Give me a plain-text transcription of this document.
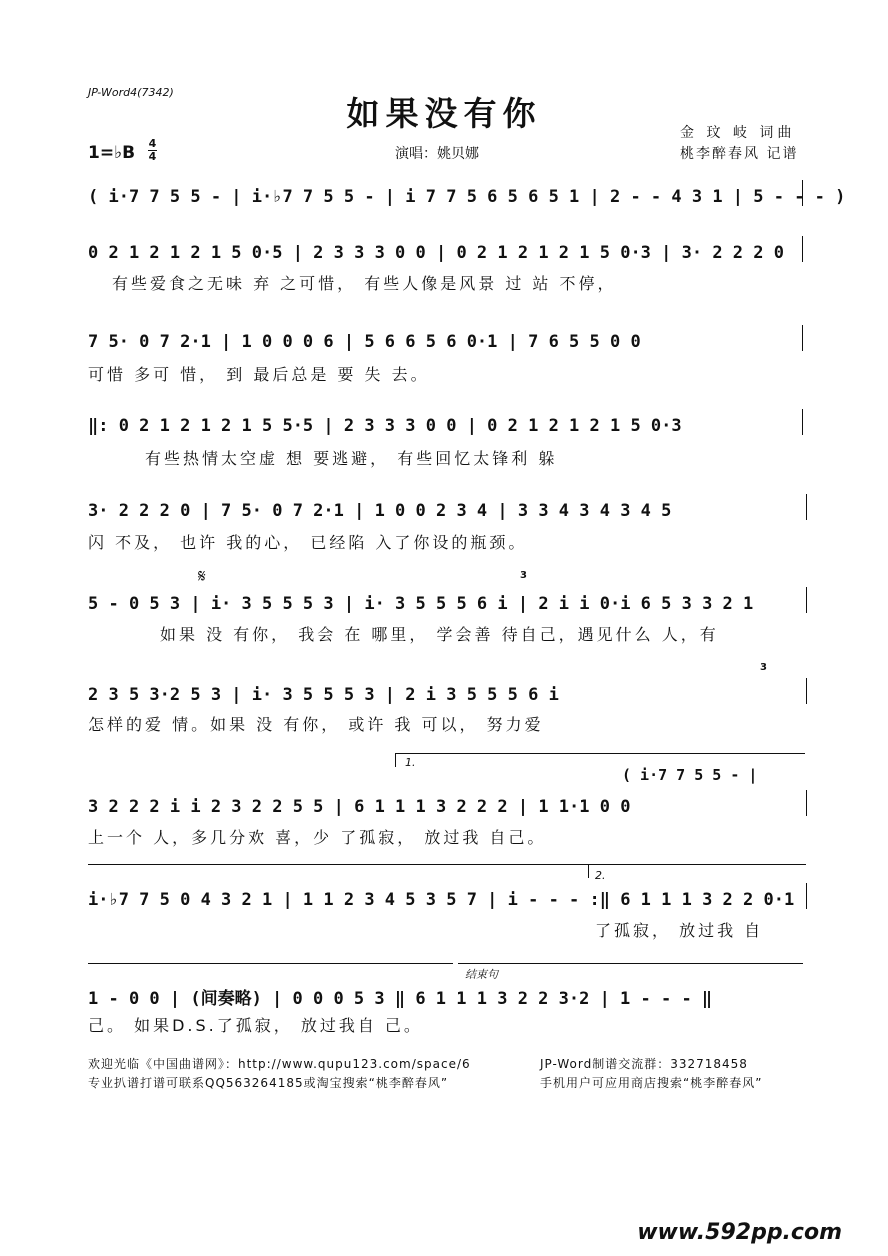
JP-Word4(7342)
如果没有你	金 玟 岐 词曲
桃李醉春风 记谱
演唱：姚贝娜
1=♭B 4
4
( i·7 7 5 5 - | i·♭7 7 5 5 - | i 7 7 5 6 5 6 5 1 | 2 - - 4 3 1 | 5 - - - )
0 2 1 2 1 2 1 5 0·5 | 2 3 3 3 0 0 | 0 2 1 2 1 2 1 5 0·3 | 3· 2 2 2 0
有些爱食之无味 弃 之可惜， 有些人像是风景 过 站 不停，
7 5· 0 7 2·1 | 1 0 0 0 6 | 5 6 6 5 6 0·1 | 7 6 5 5 0 0
可惜 多可 惜， 到 最后总是 要 失 去。
‖: 0 2 1 2 1 2 1 5 5·5 | 2 3 3 3 0 0 | 0 2 1 2 1 2 1 5 0·3
有些热情太空虚 想 要逃避， 有些回忆太锋利 躲
3· 2 2 2 0 | 7 5· 0 7 2·1 | 1 0 0 2 3 4 | 3 3 4 3 4 3 4 5
闪 不及， 也许 我的心， 已经陷 入了你设的瓶颈。
𝄋	3
5 - 0 5 3 | i· 3 5 5 5 3 | i· 3 5 5 5 6 i | 2 i i 0·i 6 5 3 3 2 1
如果 没 有你， 我会 在 哪里， 学会善 待自己，遇见什么 人，有
3
2 3 5 3·2 5 3 | i· 3 5 5 5 3 | 2 i 3 5 5 5 6 i
怎样的爱 情。如果 没 有你， 或许 我 可以， 努力爱
1.
( i·7 7 5 5 - |
3 2 2 2 i i 2 3 2 2 5 5 | 6 1 1 1 3 2 2 2 | 1 1·1 0 0
上一个 人，多几分欢 喜，少 了孤寂， 放过我 自己。
2.
i·♭7 7 5 0 4 3 2 1 | 1 1 2 3 4 5 3 5 7 | i - - - :‖ 6 1 1 1 3 2 2 0·1
了孤寂， 放过我 自
结束句
1 - 0 0 | (间奏略) | 0 0 0 5 3 ‖ 6 1 1 1 3 2 2 3·2 | 1 - - - ‖
己。 如果D.S.了孤寂， 放过我自 己。
欢迎光临《中国曲谱网》：http://www.qupu123.com/space/6
专业扒谱打谱可联系QQ563264185或淘宝搜索“桃李醉春风”
JP-Word制谱交流群：332718458
手机用户可应用商店搜索“桃李醉春风”
www.592pp.com
